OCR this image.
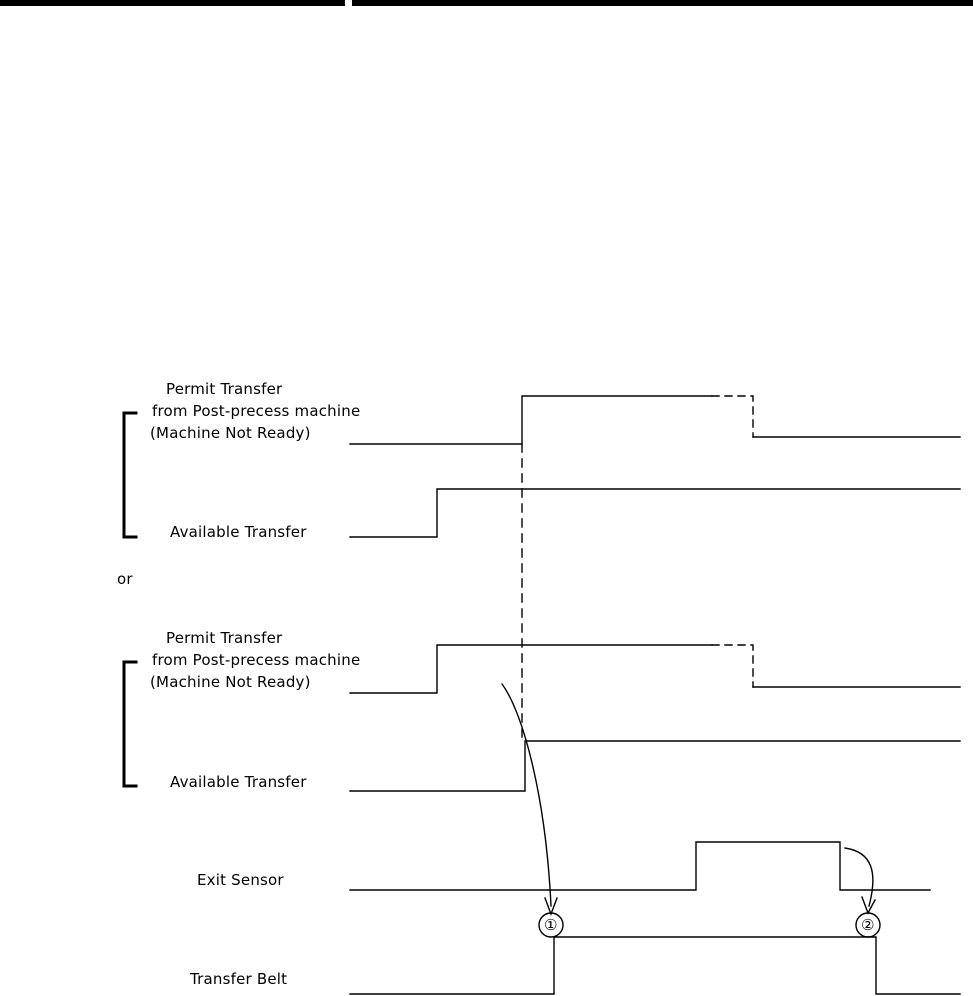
Permit Transfer
from Post-precess machine
(Machine Not Ready)
Available Transfer
or
Permit Transfer
from Post-precess machine
(Machine Not Ready)
Available Transfer
Exit Sensor
Transfer Belt
①	②
